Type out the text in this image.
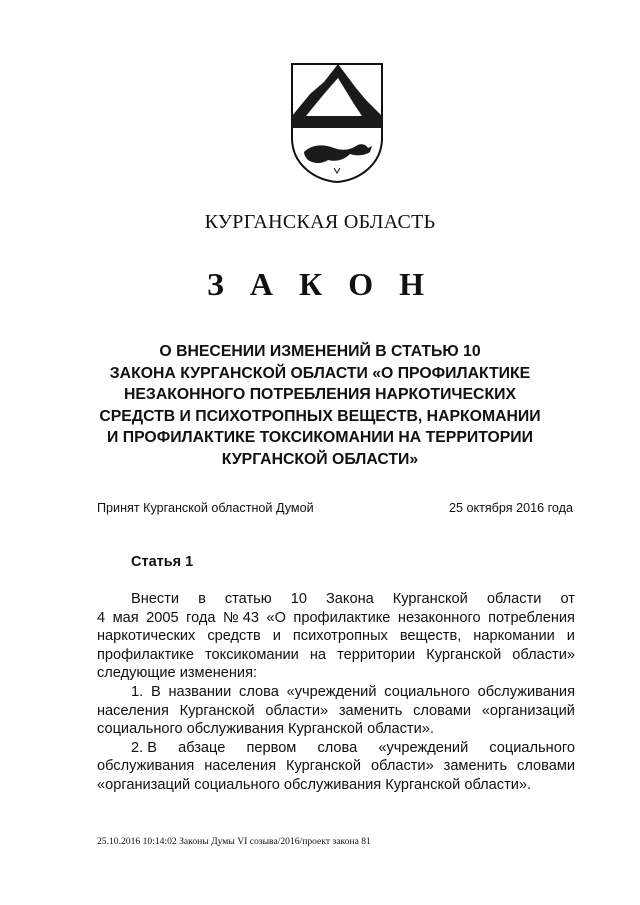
КУРГАНСКАЯ ОБЛАСТЬ
З А К О Н
О ВНЕСЕНИИ ИЗМЕНЕНИЙ В СТАТЬЮ 10
ЗАКОНА КУРГАНСКОЙ ОБЛАСТИ «О ПРОФИЛАКТИКЕ
НЕЗАКОННОГО ПОТРЕБЛЕНИЯ НАРКОТИЧЕСКИХ
СРЕДСТВ И ПСИХОТРОПНЫХ ВЕЩЕСТВ, НАРКОМАНИИ
И ПРОФИЛАКТИКЕ ТОКСИКОМАНИИ НА ТЕРРИТОРИИ
КУРГАНСКОЙ ОБЛАСТИ»
Принят Курганской областной Думой	25 октября 2016 года
Статья 1
Внести в статью 10 Закона Курганской области от
4 мая 2005 года № 43 «О профилактике незаконного потребления
наркотических средств и психотропных веществ, наркомании и
профилактике токсикомании на территории Курганской области»
следующие изменения:
1. В названии слова «учреждений социального обслуживания
населения Курганской области» заменить словами «организаций
социального обслуживания Курганской области».
2. В абзаце первом слова «учреждений социального
обслуживания населения Курганской области» заменить словами
«организаций социального обслуживания Курганской области».
25.10.2016 10:14:02 Законы Думы VI созыва/2016/проект закона 81
